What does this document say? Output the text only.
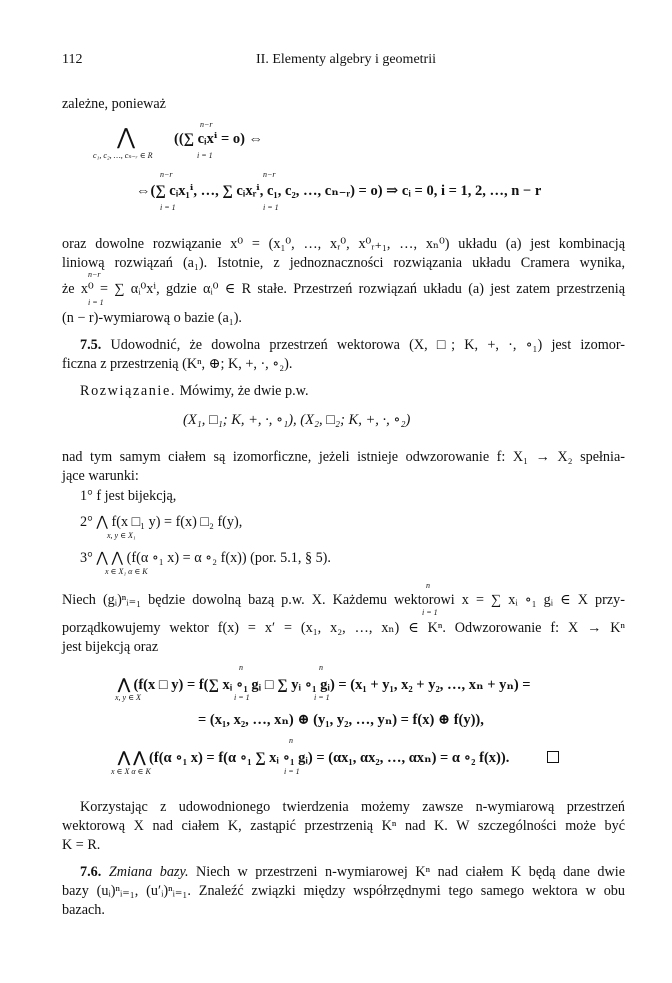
112	II. Elementy algebry i geometrii
zależne, ponieważ
n−r
⋀	((∑ cᵢxⁱ = o) ⇔
c₁, c₂, …, cₙ₋ᵣ ∈ R	i = 1
n−r	n−r
⇔(∑ cᵢx₁ⁱ, …, ∑ cᵢxᵣⁱ, c₁, c₂, …, cₙ₋ᵣ) = o) ⇒ cᵢ = 0, i = 1, 2, …, n − r
i = 1	i = 1
oraz dowolne rozwiązanie x⁰ = (x₁⁰, …, xᵣ⁰, x⁰ᵣ₊₁, …, xₙ⁰) układu (a) jest kombinacją
liniową rozwiązań (a₁). Istotnie, z jednoznaczności rozwiązania układu Cramera wynika,
n−r
że x⁰ = ∑ αᵢ⁰xⁱ, gdzie αᵢ⁰ ∈ R stałe. Przestrzeń rozwiązań układu (a) jest zatem przestrzenią
i = 1
(n − r)-wymiarową o bazie (a₁).
7.5. Udowodnić, że dowolna przestrzeń wektorowa (X, □; K, +, ·, ∘₁) jest izomor-
ficzna z przestrzenią (Kⁿ, ⊕; K, +, ·, ∘₂).
Rozwiązanie. Mówimy, że dwie p.w.
(X₁, □₁; K, +, ·, ∘₁), (X₂, □₂; K, +, ·, ∘₂)
nad tym samym ciałem są izomorficzne, jeżeli istnieje odwzorowanie f: X₁ → X₂ spełnia-
jące warunki:
1° f jest bijekcją,
2° ⋀ f(x □₁ y) = f(x) □₂ f(y),
x, y ∈ X₁
3° ⋀ ⋀ (f(α ∘₁ x) = α ∘₂ f(x)) (por. 5.1, § 5).
x ∈ X₁ α ∈ K
n
Niech (gᵢ)ⁿᵢ₌₁ będzie dowolną bazą p.w. X. Każdemu wektorowi x = ∑ xᵢ ∘₁ gᵢ ∈ X przy-
i = 1
porządkowujemy wektor f(x) = x′ = (x₁, x₂, …, xₙ) ∈ Kⁿ. Odwzorowanie f: X → Kⁿ
jest bijekcją oraz
n	n
⋀ (f(x □ y) = f(∑ xᵢ ∘₁ gᵢ □ ∑ yᵢ ∘₁ gᵢ) = (x₁ + y₁, x₂ + y₂, …, xₙ + yₙ) =
x, y ∈ X	i = 1	i = 1
= (x₁, x₂, …, xₙ) ⊕ (y₁, y₂, …, yₙ) = f(x) ⊕ f(y)),
n
⋀ ⋀ (f(α ∘₁ x) = f(α ∘₁ ∑ xᵢ ∘₁ gᵢ) = (αx₁, αx₂, …, αxₙ) = α ∘₂ f(x)).
x ∈ X α ∈ K	i = 1
Korzystając z udowodnionego twierdzenia możemy zawsze n-wymiarową przestrzeń
wektorową X nad ciałem K, zastąpić przestrzenią Kⁿ nad K. W szczególności może być
K = R.
7.6. Zmiana bazy. Niech w przestrzeni n-wymiarowej Kⁿ nad ciałem K będą dane dwie
bazy (uᵢ)ⁿᵢ₌₁, (u′ᵢ)ⁿᵢ₌₁. Znaleźć związki między współrzędnymi tego samego wektora w obu
bazach.
